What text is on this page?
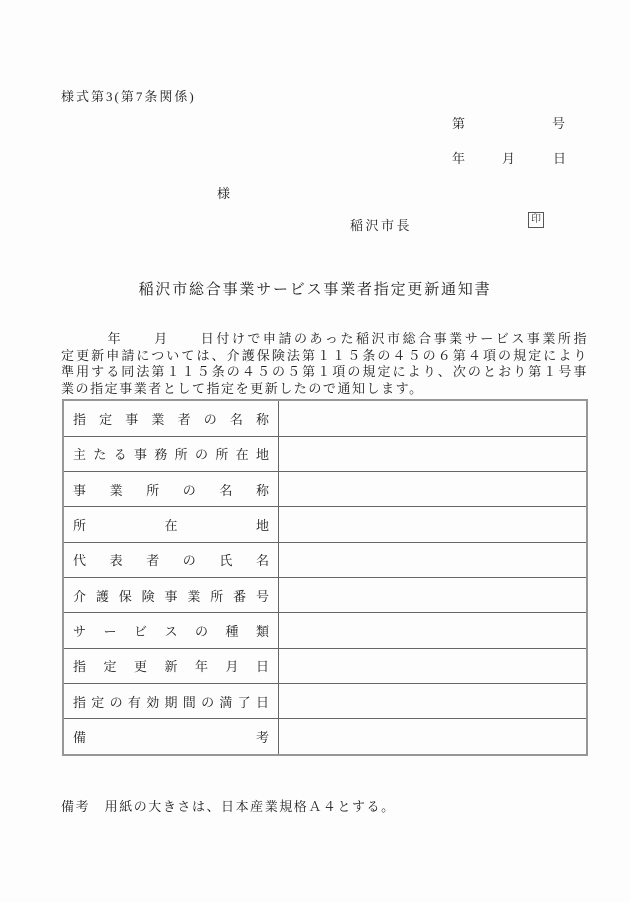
様式第3(第7条関係)
第	号
年	月	日
様
稲沢市長	印
稲沢市総合事業サービス事業者指定更新通知書
　　　年　　月　　日付けで申請のあった稲沢市総合事業サービス事業所指
定更新申請については、介護保険法第１１５条の４５の６第４項の規定により
準用する同法第１１５条の４５の５第１項の規定により、次のとおり第１号事
業の指定事業者として指定を更新したので通知します。
指定事業者の名称	
主たる事務所の所在地	
事業所の名称	
所在地	
代表者の氏名	
介護保険事業所番号	
サービスの種類	
指定更新年月日	
指定の有効期間の満了日	
備考	
備考　用紙の大きさは、日本産業規格Ａ４とする。
